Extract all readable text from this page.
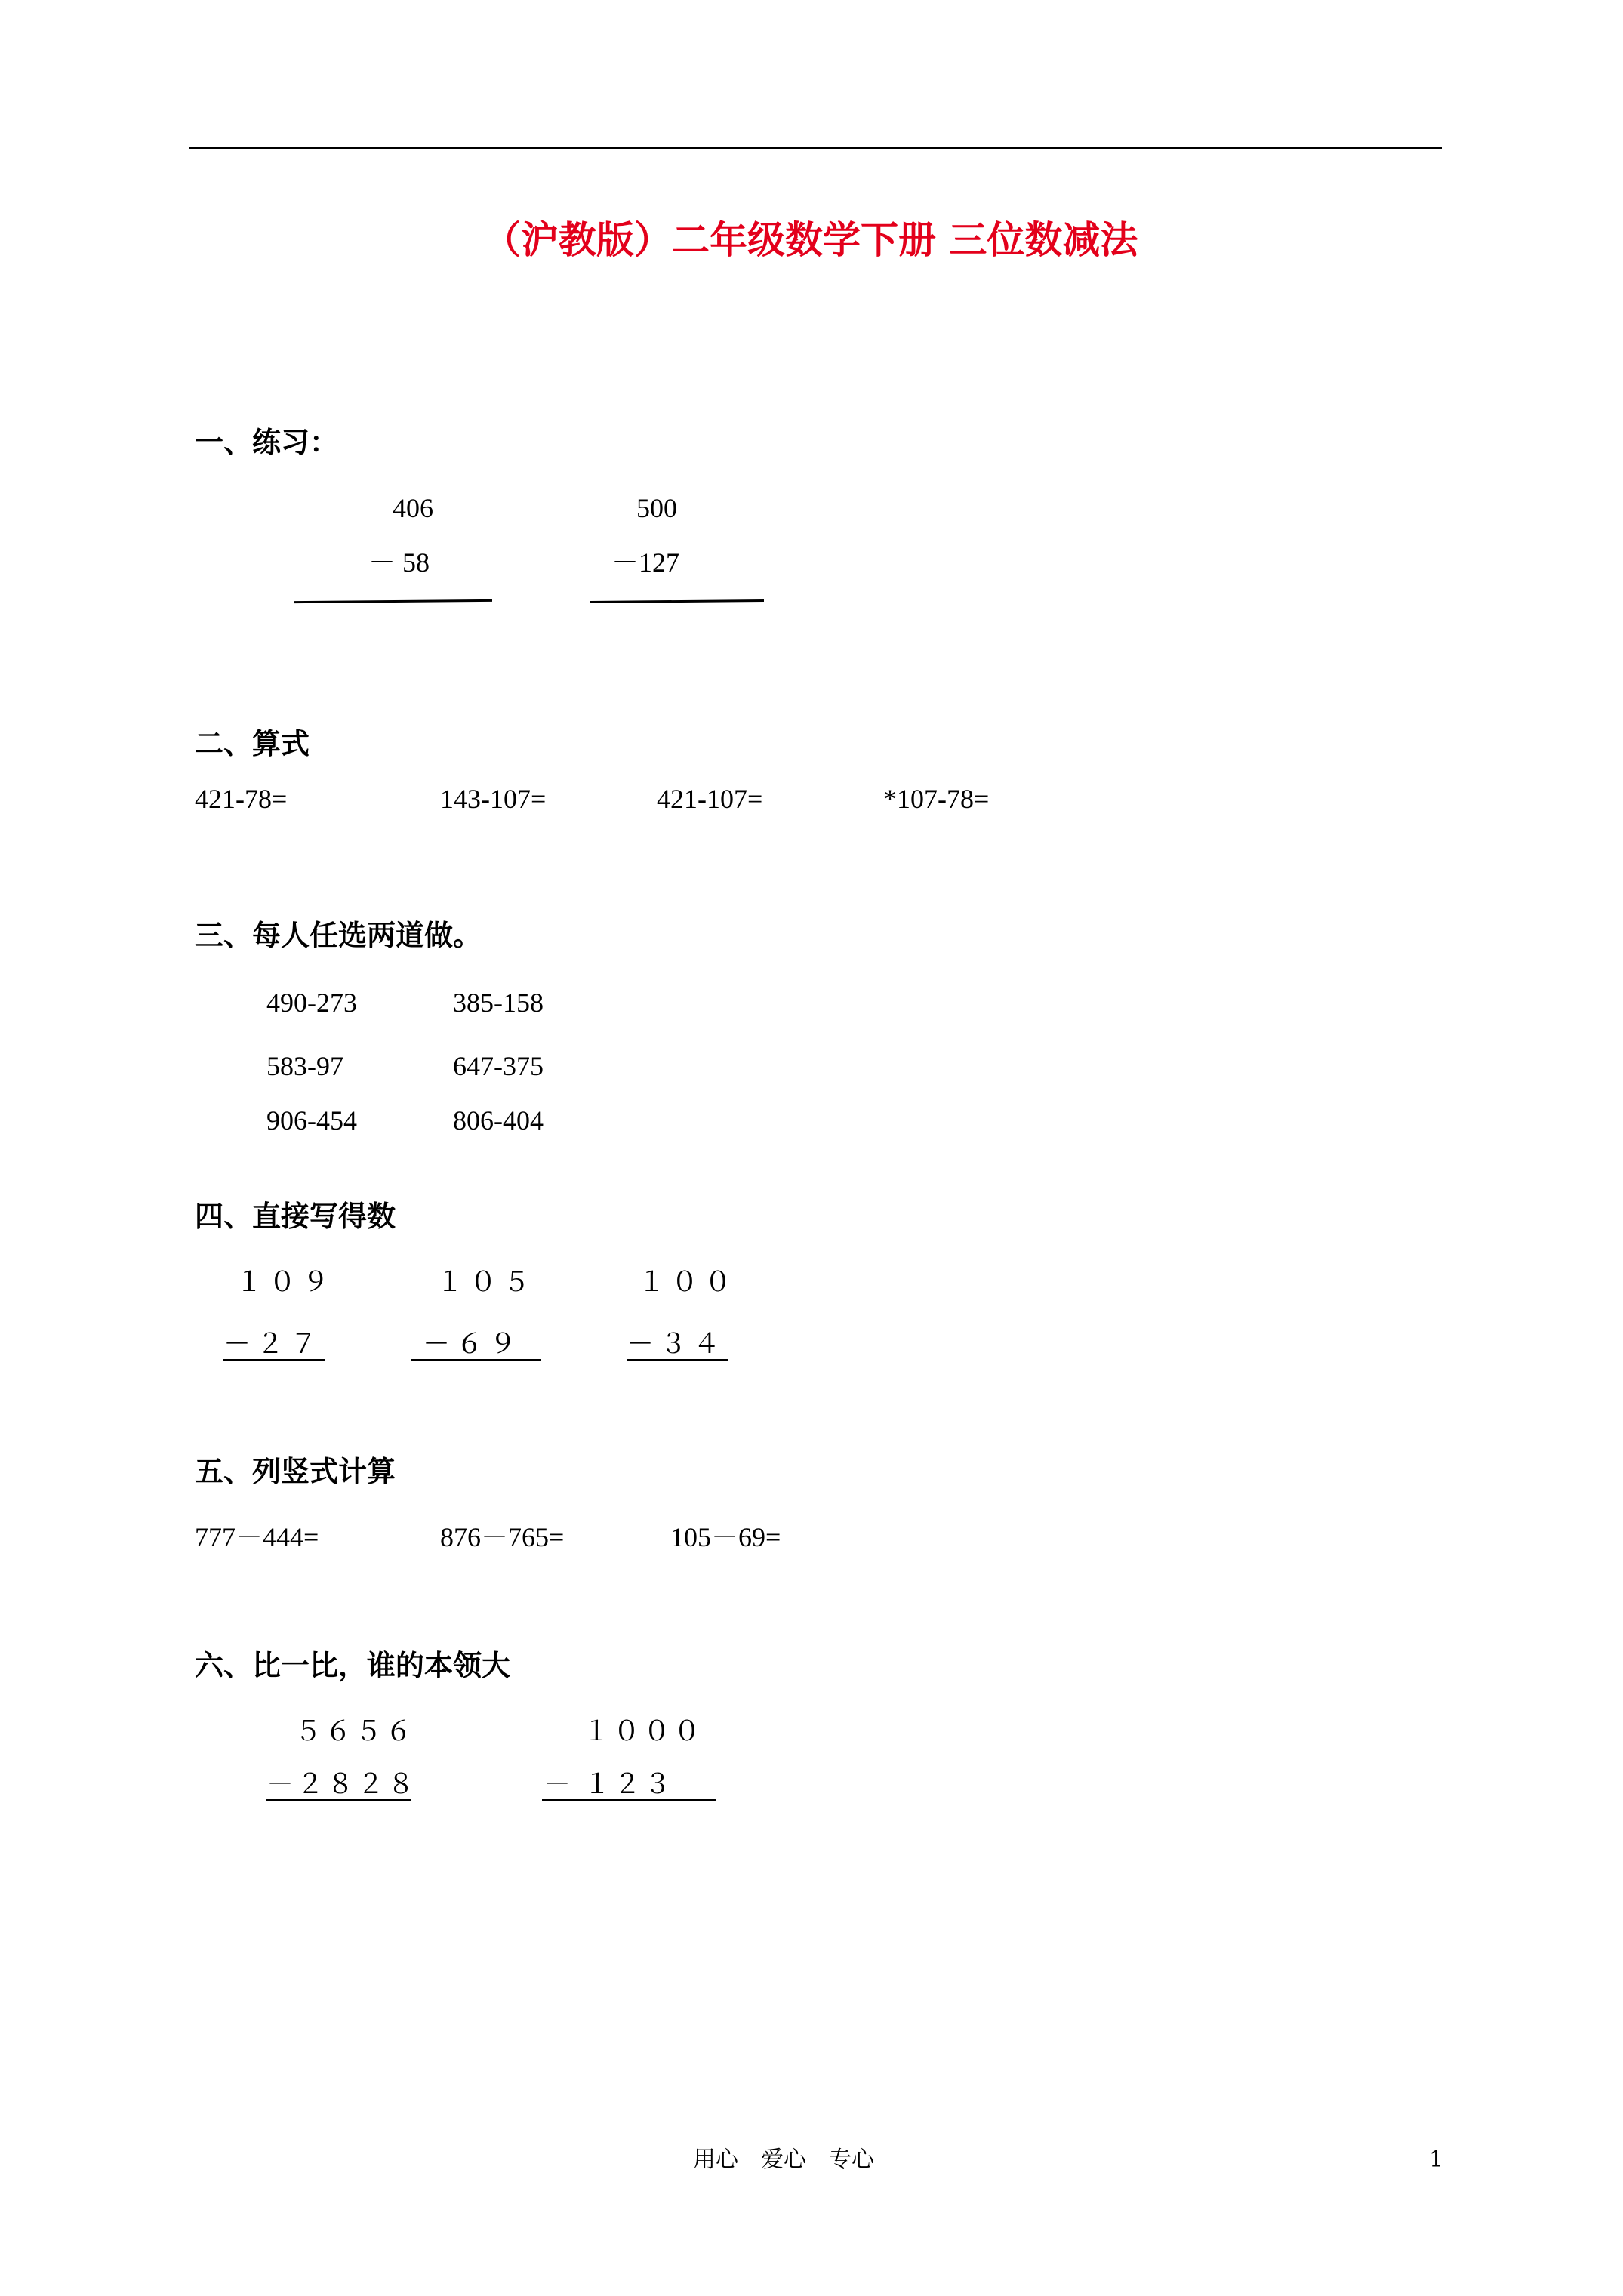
（沪教版）二年级数学下册 三位数减法
一、练习：
406
－ 58
500
－127
二、算式
421-78=	143-107=	421-107=	*107-78=
三、每人任选两道做。
490-273	385-158
583-97	647-375
906-454	806-404
四、直接写得数
１０９
－２７
１０５
－６９
１００
－３４
五、列竖式计算
777－444=	876－765=	105－69=
六、比一比，谁的本领大
５６５６
－２８２８
１０００
－ １２３
用心　爱心　专心	1
